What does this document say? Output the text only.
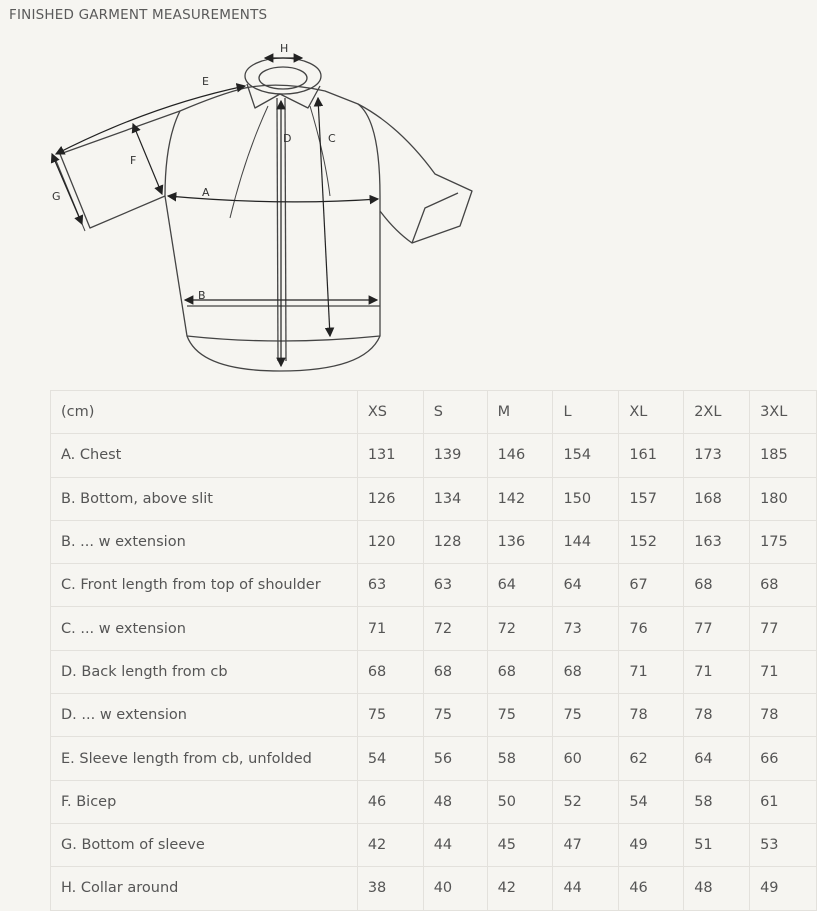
FINISHED GARMENT MEASUREMENTS
A
B
C
D
E
F
G
H
(cm)	XS	S	M	L	XL	2XL	3XL
A. Chest	131	139	146	154	161	173	185
B. Bottom, above slit	126	134	142	150	157	168	180
B. ... w extension	120	128	136	144	152	163	175
C. Front length from top of shoulder	63	63	64	64	67	68	68
C. ... w extension	71	72	72	73	76	77	77
D. Back length from cb	68	68	68	68	71	71	71
D. ... w extension	75	75	75	75	78	78	78
E. Sleeve length from cb, unfolded	54	56	58	60	62	64	66
F. Bicep	46	48	50	52	54	58	61
G. Bottom of sleeve	42	44	45	47	49	51	53
H. Collar around	38	40	42	44	46	48	49
